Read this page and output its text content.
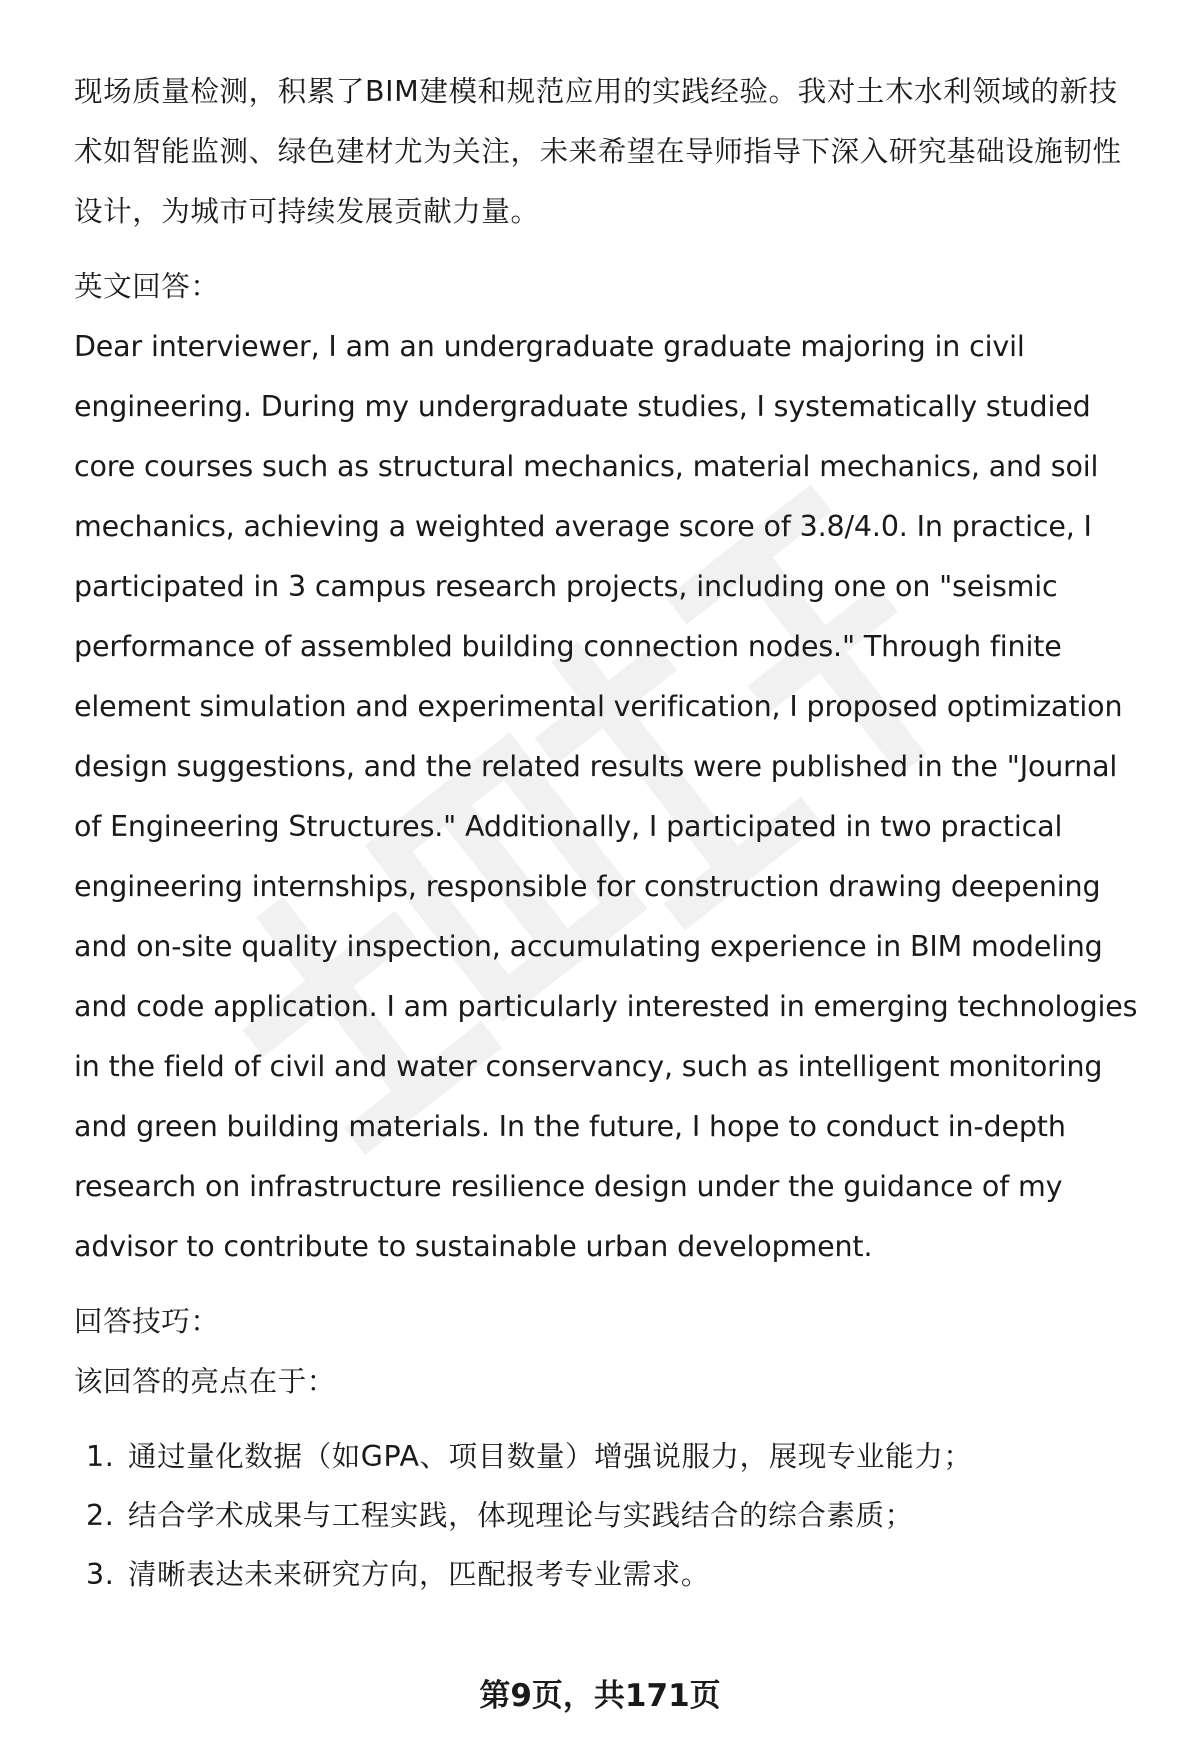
现场质量检测，积累了BIM建模和规范应用的实践经验。我对土木水利领域的新技
术如智能监测、绿色建材尤为关注，未来希望在导师指导下深入研究基础设施韧性
设计，为城市可持续发展贡献力量。
英文回答：
Dear interviewer, I am an undergraduate graduate majoring in civil
engineering. During my undergraduate studies, I systematically studied
core courses such as structural mechanics, material mechanics, and soil
mechanics, achieving a weighted average score of 3.8/4.0. In practice, I
participated in 3 campus research projects, including one on "seismic
performance of assembled building connection nodes." Through finite
element simulation and experimental verification, I proposed optimization
design suggestions, and the related results were published in the "Journal
of Engineering Structures." Additionally, I participated in two practical
engineering internships, responsible for construction drawing deepening
and on-site quality inspection, accumulating experience in BIM modeling
and code application. I am particularly interested in emerging technologies
in the field of civil and water conservancy, such as intelligent monitoring
and green building materials. In the future, I hope to conduct in-depth
research on infrastructure resilience design under the guidance of my
advisor to contribute to sustainable urban development.
回答技巧：
该回答的亮点在于：
1. 通过量化数据（如GPA、项目数量）增强说服力，展现专业能力；
2. 结合学术成果与工程实践，体现理论与实践结合的综合素质；
3. 清晰表达未来研究方向，匹配报考专业需求。
第9页，共171页
